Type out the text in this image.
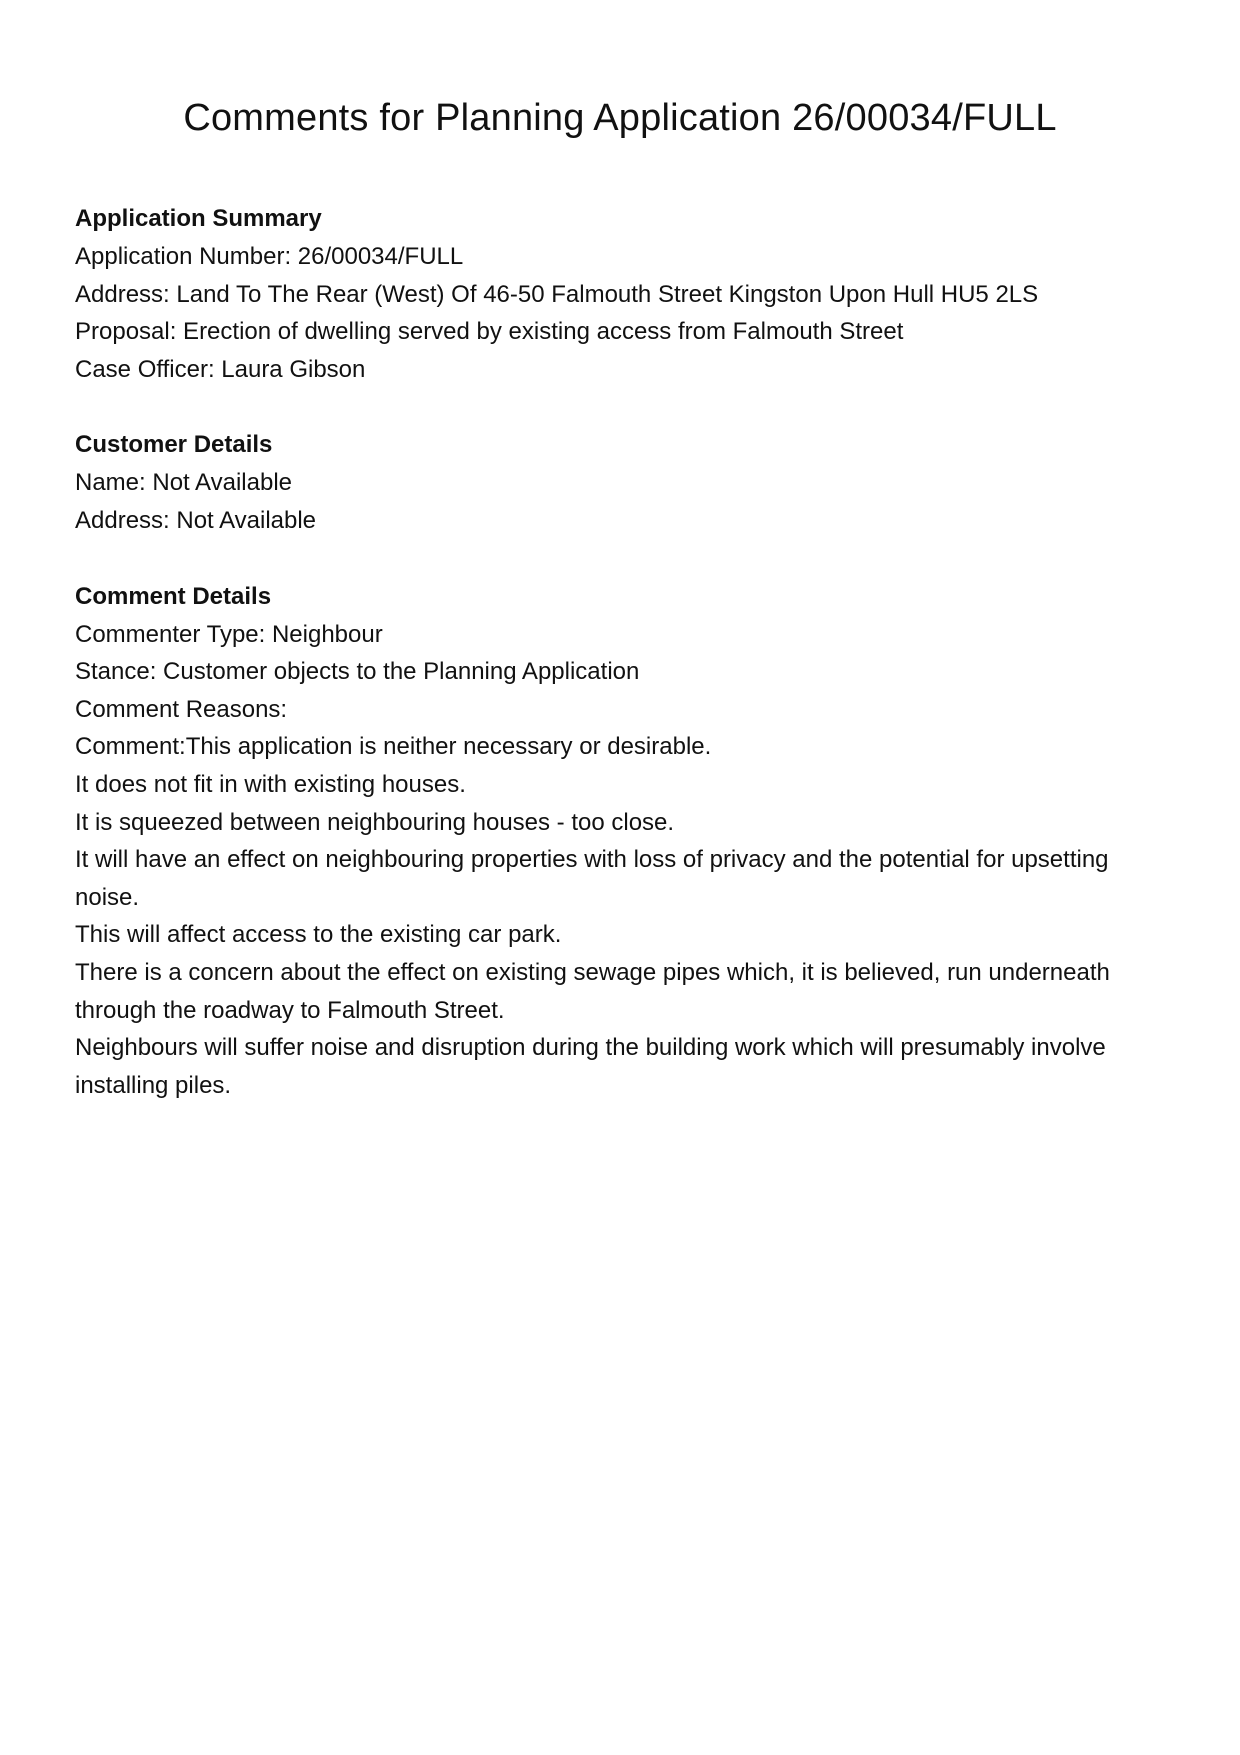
Comments for Planning Application 26/00034/FULL
Application Summary

Application Number: 26/00034/FULL

Address: Land To The Rear (West) Of 46-50 Falmouth Street Kingston Upon Hull HU5 2LS

Proposal: Erection of dwelling served by existing access from Falmouth Street

Case Officer: Laura Gibson

Customer Details

Name: Not Available

Address: Not Available

Comment Details

Commenter Type: Neighbour

Stance: Customer objects to the Planning Application

Comment Reasons:

Comment:This application is neither necessary or desirable.
It does not fit in with existing houses.
It is squeezed between neighbouring houses - too close.
It will have an effect on neighbouring properties with loss of privacy and the potential for upsetting noise.
This will affect access to the existing car park.
There is a concern about the effect on existing sewage pipes which, it is believed, run underneath through the roadway to Falmouth Street.
Neighbours will suffer noise and disruption during the building work which will presumably involve installing piles.
